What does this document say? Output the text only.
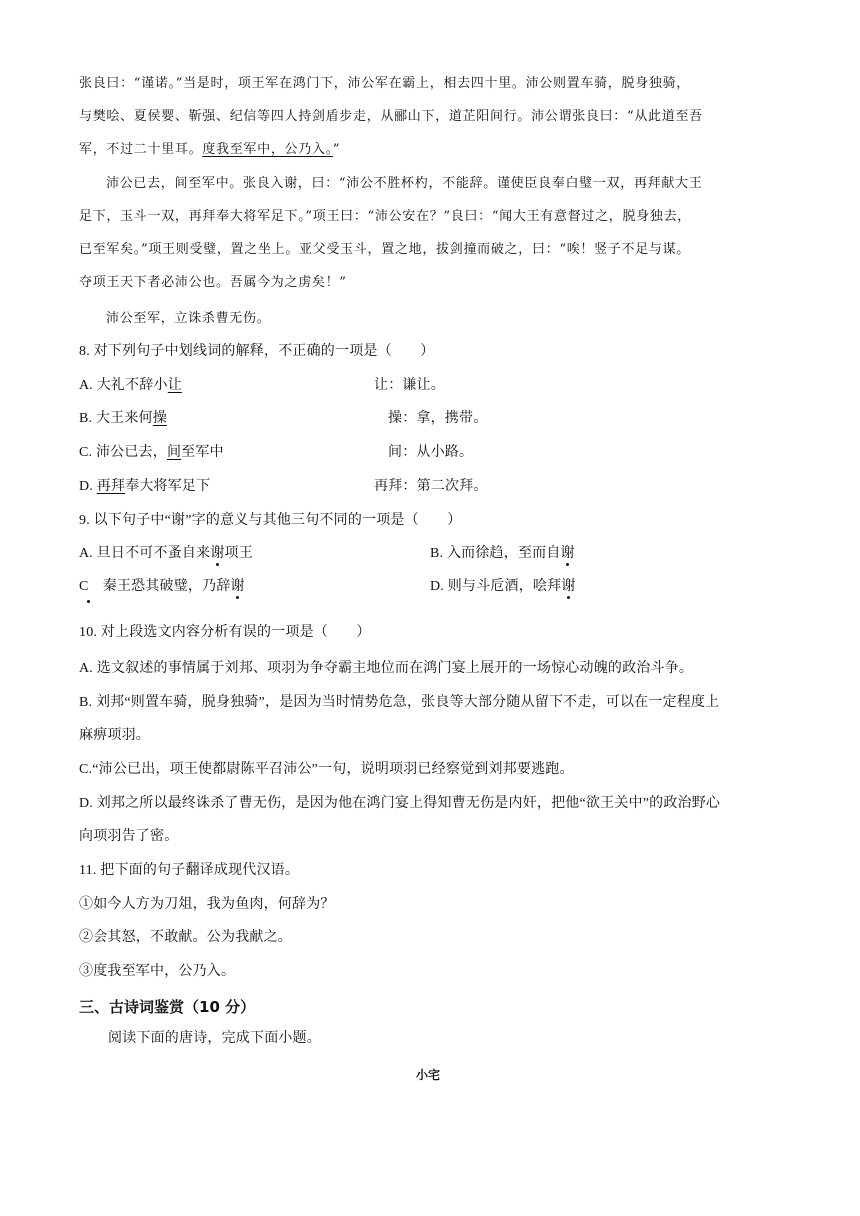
张良曰：“谨诺。”当是时，项王军在鸿门下，沛公军在霸上，相去四十里。沛公则置车骑，脱身独骑，
与樊哙、夏侯婴、靳强、纪信等四人持剑盾步走，从郦山下，道芷阳间行。沛公谓张良曰：“从此道至吾
军，不过二十里耳。度我至军中，公乃入。”
沛公已去，间至军中。张良入谢，曰：“沛公不胜杯杓，不能辞。谨使臣良奉白璧一双，再拜献大王
足下，玉斗一双，再拜奉大将军足下。”项王曰：“沛公安在？”良曰：“闻大王有意督过之，脱身独去，
已至军矣。”项王则受璧，置之坐上。亚父受玉斗，置之地，拔剑撞而破之，曰：“唉！竖子不足与谋。
夺项王天下者必沛公也。吾属今为之虏矣！”
沛公至军，立诛杀曹无伤。
8. 对下列句子中划线词的解释，不正确的一项是（　　）
A. 大礼不辞小让	让：谦让。
B. 大王来何操	操：拿，携带。
C. 沛公已去，间至军中	间：从小路。
D. 再拜奉大将军足下	再拜：第二次拜。
9. 以下句子中“谢”字的意义与其他三句不同的一项是（　　）
A. 旦日不可不蚤自来谢项王	B. 入而徐趋，至而自谢
C　秦王恐其破璧，乃辞谢	D. 则与斗卮酒，哙拜谢
10. 对上段选文内容分析有误的一项是（　　）
A. 选文叙述的事情属于刘邦、项羽为争夺霸主地位而在鸿门宴上展开的一场惊心动魄的政治斗争。
B. 刘邦“则置车骑，脱身独骑”，是因为当时情势危急，张良等大部分随从留下不走，可以在一定程度上
麻痹项羽。
C.“沛公已出，项王使都尉陈平召沛公”一句，说明项羽已经察觉到刘邦要逃跑。
D. 刘邦之所以最终诛杀了曹无伤，是因为他在鸿门宴上得知曹无伤是内奸，把他“欲王关中”的政治野心
向项羽告了密。
11. 把下面的句子翻译成现代汉语。
①如今人方为刀俎，我为鱼肉，何辞为？
②会其怒，不敢献。公为我献之。
③度我至军中，公乃入。
三、古诗词鉴赏（10 分）
阅读下面的唐诗，完成下面小题。
小宅
